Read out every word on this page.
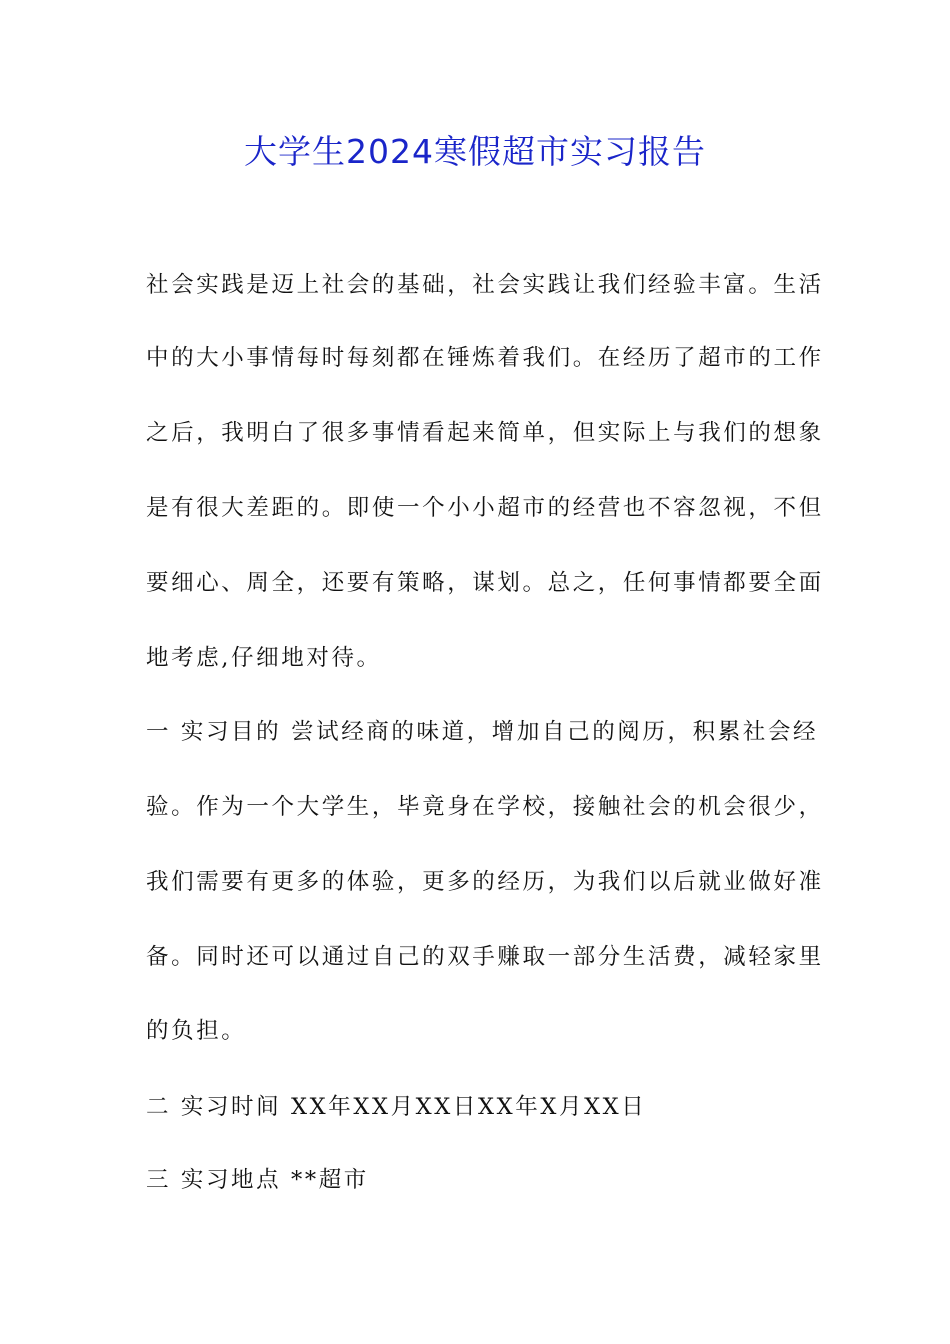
大学生2024寒假超市实习报告
社会实践是迈上社会的基础，社会实践让我们经验丰富。生活
中的大小事情每时每刻都在锤炼着我们。在经历了超市的工作
之后，我明白了很多事情看起来简单，但实际上与我们的想象
是有很大差距的。即使一个小小超市的经营也不容忽视，不但
要细心、周全，还要有策略，谋划。总之，任何事情都要全面
地考虑,仔细地对待。
一 实习目的 尝试经商的味道，增加自己的阅历，积累社会经
验。作为一个大学生，毕竟身在学校，接触社会的机会很少，
我们需要有更多的体验，更多的经历，为我们以后就业做好准
备。同时还可以通过自己的双手赚取一部分生活费，减轻家里
的负担。
二 实习时间 XX年XX月XX日XX年X月XX日
三 实习地点 **超市
